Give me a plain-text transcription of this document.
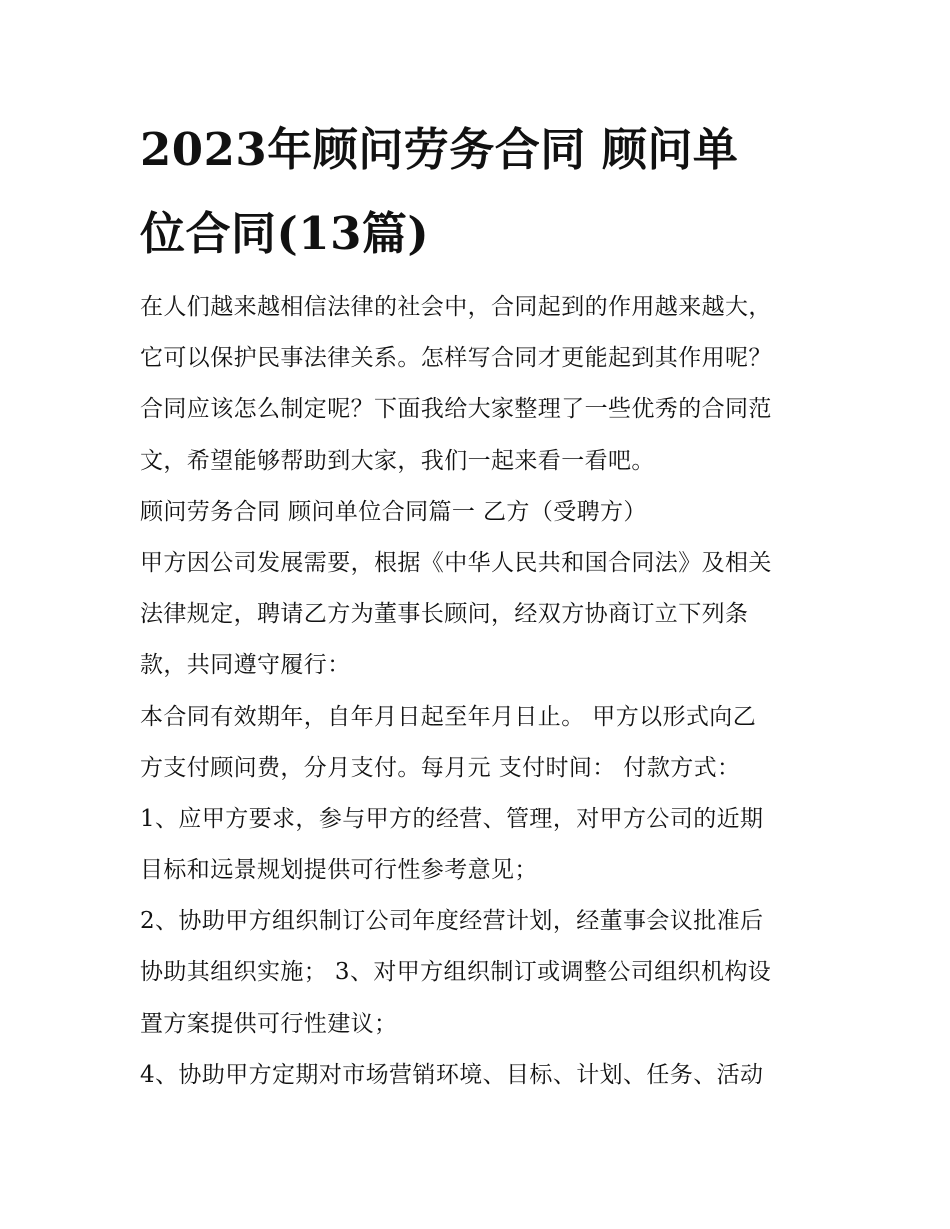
2023年顾问劳务合同 顾问单
位合同(13篇)
在人们越来越相信法律的社会中，合同起到的作用越来越大，
它可以保护民事法律关系。怎样写合同才更能起到其作用呢？
合同应该怎么制定呢？下面我给大家整理了一些优秀的合同范
文，希望能够帮助到大家，我们一起来看一看吧。
顾问劳务合同 顾问单位合同篇一 乙方（受聘方）
甲方因公司发展需要，根据《中华人民共和国合同法》及相关
法律规定，聘请乙方为董事长顾问，经双方协商订立下列条
款，共同遵守履行：
本合同有效期年，自年月日起至年月日止。 甲方以形式向乙
方支付顾问费，分月支付。每月元 支付时间： 付款方式：
1、应甲方要求，参与甲方的经营、管理，对甲方公司的近期
目标和远景规划提供可行性参考意见；
2、协助甲方组织制订公司年度经营计划，经董事会议批准后
协助其组织实施； 3、对甲方组织制订或调整公司组织机构设
置方案提供可行性建议；
4、协助甲方定期对市场营销环境、目标、计划、任务、活动
